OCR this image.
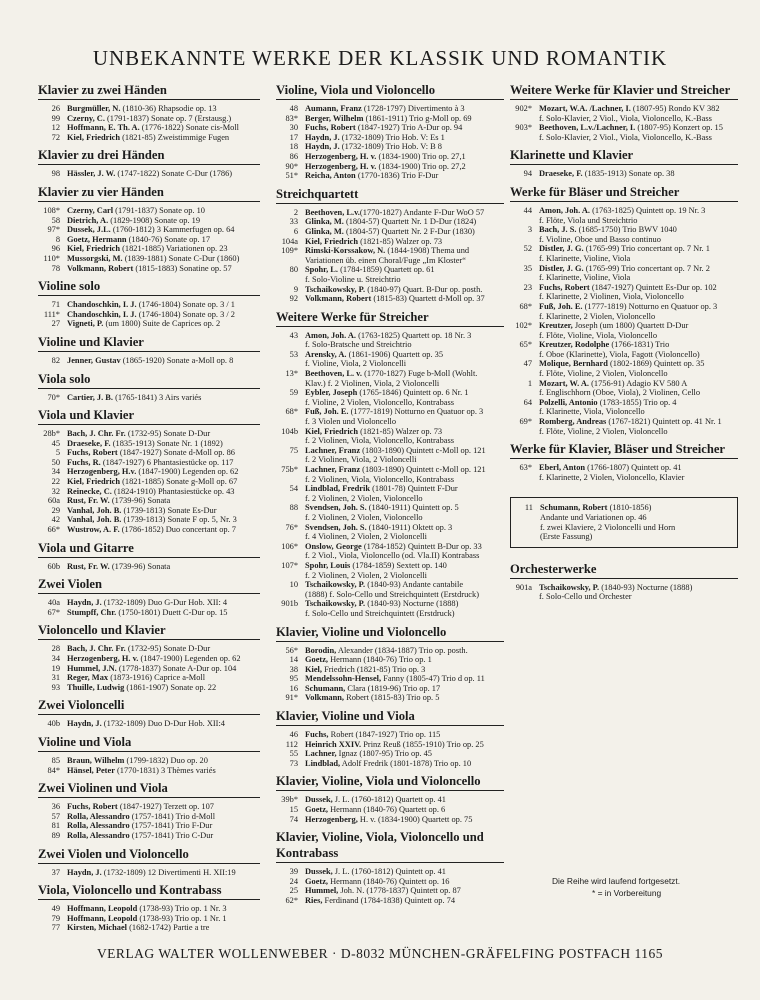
UNBEKANNTE WERKE DER KLASSIK UND ROMANTIK
Klavier zu zwei Händen
26 Burgmüller, N. (1810-36) Rhapsodie op. 13
99 Czerny, C. (1791-1837) Sonate op. 7 (Erstausg.)
12 Hoffmann, E. Th. A. (1776-1822) Sonate cis-Moll
72 Kiel, Friedrich (1821-85) Zweistimmige Fugen
Klavier zu drei Händen
98 Hässler, J. W. (1747-1822) Sonate C-Dur (1786)
Klavier zu vier Händen
108* Czerny, Carl (1791-1837) Sonate op. 10
58 Dietrich, A. (1829-1908) Sonate op. 19
97* Dussek, J.L. (1760-1812) 3 Kammerfugen op. 64
8 Goetz, Hermann (1840-76) Sonate op. 17
96 Kiel, Friedrich (1821-1885) Variationen op. 23
110* Mussorgski, M. (1839-1881) Sonate C-Dur (1860)
78 Volkmann, Robert (1815-1883) Sonatine op. 57
Violine solo
71 Chandoschkin, I. J. (1746-1804) Sonate op. 3 / 1
111* Chandoschkin, I. J. (1746-1804) Sonate op. 3 / 2
27 Vigneti, P. (um 1800) Suite de Caprices op. 2
Violine und Klavier
82 Jenner, Gustav (1865-1920) Sonate a-Moll op. 8
Viola solo
70* Cartier, J. B. (1765-1841) 3 Airs variés
Viola und Klavier
28b* Bach, J. Chr. Fr. (1732-95) Sonate D-Dur
45 Draeseke, F. (1835-1913) Sonate Nr. 1 (1892)
5 Fuchs, Robert (1847-1927) Sonate d-Moll op. 86
50 Fuchs, R. (1847-1927) 6 Phantasiestücke op. 117
34 Herzogenberg, H.v. (1847-1900) Legenden op. 62
22 Kiel, Friedrich (1821-1885) Sonate g-Moll op. 67
32 Reinecke, C. (1824-1910) Phantasiestücke op. 43
60a Rust, Fr. W. (1739-96) Sonata
29 Vanhal, Joh. B. (1739-1813) Sonate Es-Dur
42 Vanhal, Joh. B. (1739-1813) Sonate F op. 5, Nr. 3
66* Wustrow, A. F. (1786-1852) Duo concertant op. 7
Viola und Gitarre
60b Rust, Fr. W. (1739-96) Sonata
Zwei Violen
40a Haydn, J. (1732-1809) Duo G-Dur Hob. XII: 4
67* Stumpff, Chr. (1750-1801) Duett C-Dur op. 15
Violoncello und Klavier
28 Bach, J. Chr. Fr. (1732-95) Sonate D-Dur
34 Herzogenberg, H. v. (1847-1900) Legenden op. 62
19 Hummel, J.N. (1778-1837) Sonate A-Dur op. 104
31 Reger, Max (1873-1916) Caprice a-Moll
93 Thuille, Ludwig (1861-1907) Sonate op. 22
Zwei Violoncelli
40b Haydn, J. (1732-1809) Duo D-Dur Hob. XII:4
Violine und Viola
85 Braun, Wilhelm (1799-1832) Duo op. 20
84* Hänsel, Peter (1770-1831) 3 Thèmes variés
Zwei Violinen und Viola
36 Fuchs, Robert (1847-1927) Terzett op. 107
57 Rolla, Alessandro (1757-1841) Trio d-Moll
81 Rolla, Alessandro (1757-1841) Trio F-Dur
89 Rolla, Alessandro (1757-1841) Trio C-Dur
Zwei Violen und Violoncello
37 Haydn, J. (1732-1809) 12 Divertimenti H. XII:19
Viola, Violoncello und Kontrabass
49 Hoffmann, Leopold (1738-93) Trio op. 1 Nr. 3
79 Hoffmann, Leopold (1738-93) Trio op. 1 Nr. 1
77 Kirsten, Michael (1682-1742) Partie a tre
Violine, Viola und Violoncello
48 Aumann, Franz (1728-1797) Divertimento à 3
83* Berger, Wilhelm (1861-1911) Trio g-Moll op. 69
30 Fuchs, Robert (1847-1927) Trio A-Dur op. 94
17 Haydn, J. (1732-1809) Trio Hob. V: Es 1
18 Haydn, J. (1732-1809) Trio Hob. V: B 8
86 Herzogenberg, H. v. (1834-1900) Trio op. 27,1
90* Herzogenberg, H. v. (1834-1900) Trio op. 27,2
51* Reicha, Anton (1770-1836) Trio F-Dur
Streichquartett
2 Beethoven, L.v.(1770-1827) Andante F-Dur WoO 57
33 Glinka, M. (1804-57) Quartett Nr. 1 D-Dur (1824)
6 Glinka, M. (1804-57) Quartett Nr. 2 F-Dur (1830)
104a Kiel, Friedrich (1821-85) Walzer op. 73
109* Rimski-Korssakow, N. (1844-1908) Thema und
Variationen üb. einen Choral/Fuge „Im Kloster“
80 Spohr, L. (1784-1859) Quartett op. 61
f. Solo-Violine u. Streichtrio
9 Tschaikowsky, P. (1840-97) Quart. B-Dur op. posth.
92 Volkmann, Robert (1815-83) Quartett d-Moll op. 37
Weitere Werke für Streicher
43 Amon, Joh. A. (1763-1825) Quartett op. 18 Nr. 3
f. Solo-Bratsche und Streichtrio
53 Arensky, A. (1861-1906) Quartett op. 35
f. Violine, Viola, 2 Violoncelli
13* Beethoven, L. v. (1770-1827) Fuge b-Moll (Wohlt.
Klav.) f. 2 Violinen, Viola, 2 Violoncelli
59 Eybler, Joseph (1765-1846) Quintett op. 6 Nr. 1
f. Violine, 2 Violen, Violoncello, Kontrabass
68* Fuß, Joh. E. (1777-1819) Notturno en Quatuor op. 3
f. 3 Violen und Violoncello
104b Kiel, Friedrich (1821-85) Walzer op. 73
f. 2 Violinen, Viola, Violoncello, Kontrabass
75 Lachner, Franz (1803-1890) Quintett c-Moll op. 121
f. 2 Violinen, Viola, 2 Violoncelli
75b* Lachner, Franz (1803-1890) Quintett c-Moll op. 121
f. 2 Violinen, Viola, Violoncello, Kontrabass
54 Lindblad, Fredrik (1801-78) Quintett F-Dur
f. 2 Violinen, 2 Violen, Violoncello
88 Svendsen, Joh. S. (1840-1911) Quintett op. 5
f. 2 Violinen, 2 Violen, Violoncello
76* Svendsen, Joh. S. (1840-1911) Oktett op. 3
f. 4 Violinen, 2 Violen, 2 Violoncelli
106* Onslow, George (1784-1852) Quintett B-Dur op. 33
f. 2 Viol., Viola, Violoncello (od. Vla.II) Kontrabass
107* Spohr, Louis (1784-1859) Sextett op. 140
f. 2 Violinen, 2 Violen, 2 Violoncelli
10 Tschaikowsky, P. (1840-93) Andante cantabile
(1888) f. Solo-Cello und Streichquintett (Erstdruck)
901b Tschaikowsky, P. (1840-93) Nocturne (1888)
f. Solo-Cello und Streichquintett (Erstdruck)
Klavier, Violine und Violoncello
56* Borodin, Alexander (1834-1887) Trio op. posth.
14 Goetz, Hermann (1840-76) Trio op. 1
38 Kiel, Friedrich (1821-85) Trio op. 3
95 Mendelssohn-Hensel, Fanny (1805-47) Trio d op. 11
16 Schumann, Clara (1819-96) Trio op. 17
91* Volkmann, Robert (1815-83) Trio op. 5
Klavier, Violine und Viola
46 Fuchs, Robert (1847-1927) Trio op. 115
112 Heinrich XXIV. Prinz Reuß (1855-1910) Trio op. 25
55 Lachner, Ignaz (1807-95) Trio op. 45
73 Lindblad, Adolf Fredrik (1801-1878) Trio op. 10
Klavier, Violine, Viola und Violoncello
39b* Dussek, J. L. (1760-1812) Quartett op. 41
15 Goetz, Hermann (1840-76) Quartett op. 6
74 Herzogenberg, H. v. (1834-1900) Quartett op. 75
Klavier, Violine, Viola, Violoncello und Kontrabass
39 Dussek, J. L. (1760-1812) Quintett op. 41
24 Goetz, Hermann (1840-76) Quintett op. 16
25 Hummel, Joh. N. (1778-1837) Quintett op. 87
62* Ries, Ferdinand (1784-1838) Quintett op. 74
Weitere Werke für Klavier und Streicher
902* Mozart, W.A. /Lachner, I. (1807-95) Rondo KV 382
f. Solo-Klavier, 2 Viol., Viola, Violoncello, K.-Bass
903* Beethoven, L.v./Lachner, I. (1807-95) Konzert op. 15
f. Solo-Klavier, 2 Viol., Viola, Violoncello, K.-Bass
Klarinette und Klavier
94 Draeseke, F. (1835-1913) Sonate op. 38
Werke für Bläser und Streicher
44 Amon, Joh. A. (1763-1825) Quintett op. 19 Nr. 3
f. Flöte, Viola und Streichtrio
3 Bach, J. S. (1685-1750) Trio BWV 1040
f. Violine, Oboe und Basso continuo
52 Distler, J. G. (1765-99) Trio concertant op. 7 Nr. 1
f. Klarinette, Violine, Viola
35 Distler, J. G. (1765-99) Trio concertant op. 7 Nr. 2
f. Klarinette, Violine, Viola
23 Fuchs, Robert (1847-1927) Quintett Es-Dur op. 102
f. Klarinette, 2 Violinen, Viola, Violoncello
68* Fuß, Joh. E. (1777-1819) Notturno en Quatuor op. 3
f. Klarinette, 2 Violen, Violoncello
102* Kreutzer, Joseph (um 1800) Quartett D-Dur
f. Flöte, Violine, Viola, Violoncello
65* Kreutzer, Rodolphe (1766-1831) Trio
f. Oboe (Klarinette), Viola, Fagott (Violoncello)
47 Molique, Bernhard (1802-1869) Quintett op. 35
f. Flöte, Violine, 2 Violen, Violoncello
1 Mozart, W. A. (1756-91) Adagio KV 580 A
f. Englischhorn (Oboe, Viola), 2 Violinen, Cello
64 Polzelli, Antonio (1783-1855) Trio op. 4
f. Klarinette, Viola, Violoncello
69* Romberg, Andreas (1767-1821) Quintett op. 41 Nr. 1
f. Flöte, Violine, 2 Violen, Violoncello
Werke für Klavier, Bläser und Streicher
63* Eberl, Anton (1766-1807) Quintett op. 41
f. Klarinette, 2 Violen, Violoncello, Klavier
11 Schumann, Robert (1810-1856)
Andante und Variationen op. 46
f. zwei Klaviere, 2 Violoncelli und Horn
(Erste Fassung)
Orchesterwerke
901a Tschaikowsky, P. (1840-93) Nocturne (1888)
f. Solo-Cello und Orchester
Die Reihe wird laufend fortgesetzt.
* = in Vorbereitung
VERLAG WALTER WOLLENWEBER · D-8032 MÜNCHEN-GRÄFELFING POSTFACH 1165
